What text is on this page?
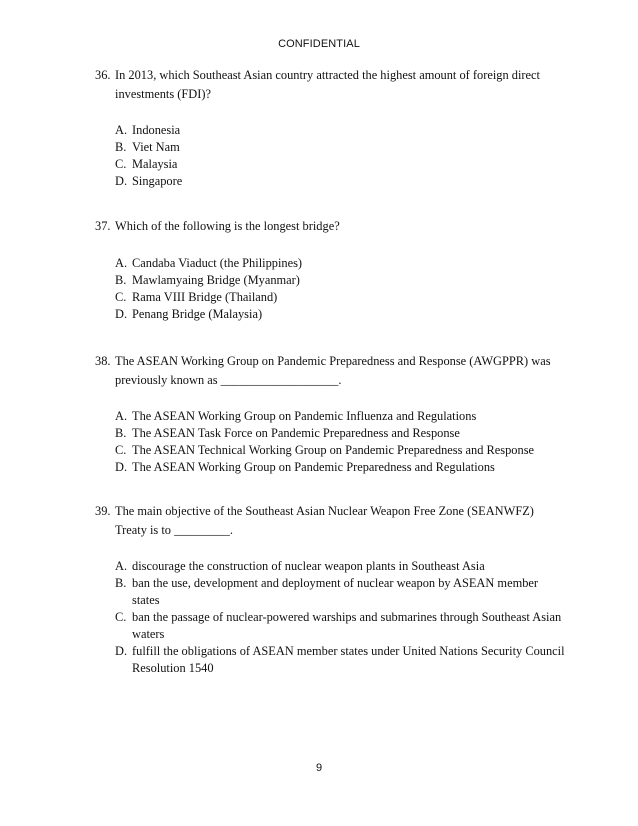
CONFIDENTIAL
36. In 2013, which Southeast Asian country attracted the highest amount of foreign direct investments (FDI)?
A. Indonesia
B. Viet Nam
C. Malaysia
D. Singapore
37. Which of the following is the longest bridge?
A. Candaba Viaduct (the Philippines)
B. Mawlamyaing Bridge (Myanmar)
C. Rama VIII Bridge (Thailand)
D. Penang Bridge (Malaysia)
38. The ASEAN Working Group on Pandemic Preparedness and Response (AWGPPR) was previously known as ___________________.
A. The ASEAN Working Group on Pandemic Influenza and Regulations
B. The ASEAN Task Force on Pandemic Preparedness and Response
C. The ASEAN Technical Working Group on Pandemic Preparedness and Response
D. The ASEAN Working Group on Pandemic Preparedness and Regulations
39. The main objective of the Southeast Asian Nuclear Weapon Free Zone (SEANWFZ) Treaty is to _________.
A. discourage the construction of nuclear weapon plants in Southeast Asia
B. ban the use, development and deployment of nuclear weapon by ASEAN member states
C. ban the passage of nuclear-powered warships and submarines through Southeast Asian waters
D. fulfill the obligations of ASEAN member states under United Nations Security Council Resolution 1540
9
